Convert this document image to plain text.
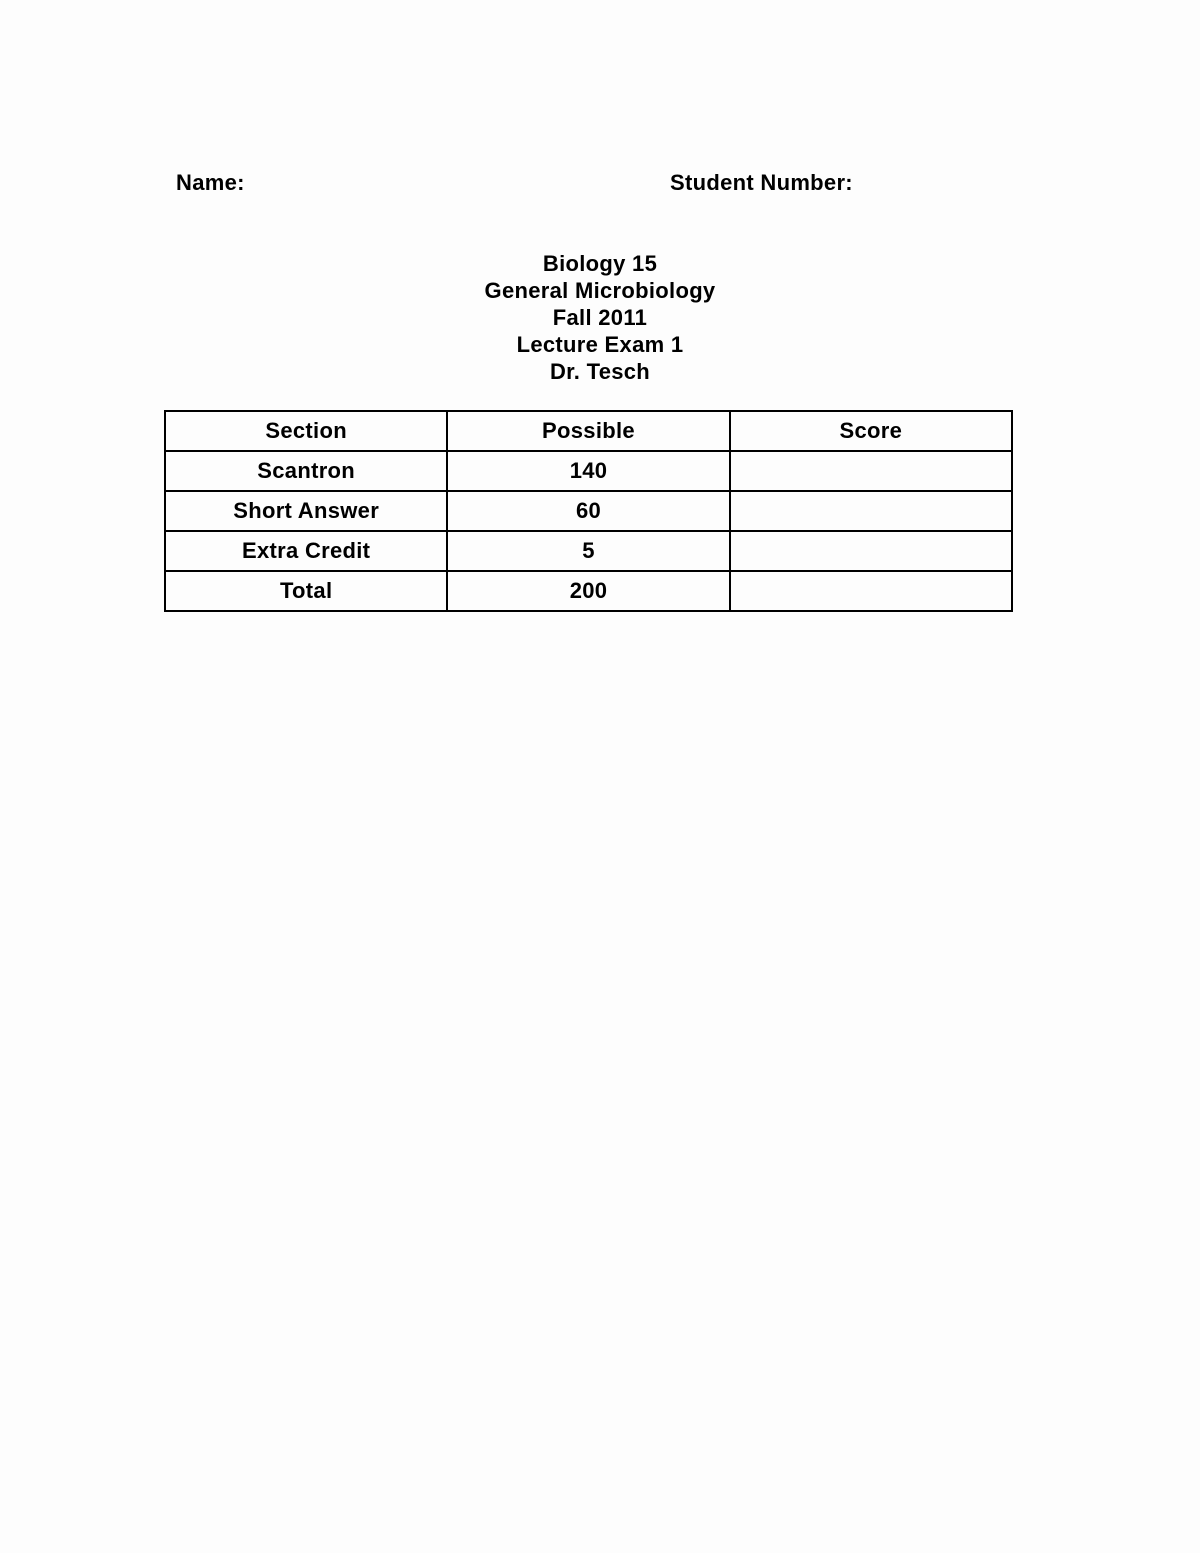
Name:	Student Number:
Biology 15
General Microbiology
Fall 2011
Lecture Exam 1
Dr. Tesch
Section	Possible	Score
Scantron	140	
Short Answer	60	
Extra Credit	5	
Total	200	
